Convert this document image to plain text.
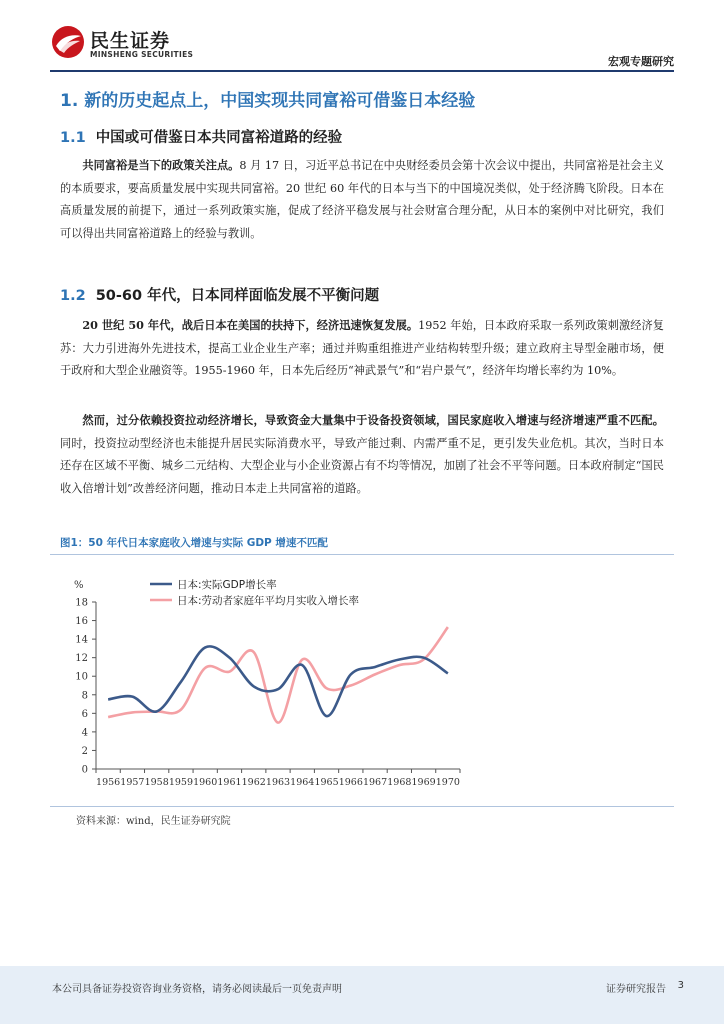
民生证券
MINSHENG SECURITIES
宏观专题研究
1. 新的历史起点上，中国实现共同富裕可借鉴日本经验
1.1 中国或可借鉴日本共同富裕道路的经验
共同富裕是当下的政策关注点。8 月 17 日，习近平总书记在中央财经委员会第十次会议中提出，共同富裕是社会主义的本质要求，要高质量发展中实现共同富裕。20 世纪 60 年代的日本与当下的中国境况类似，处于经济腾飞阶段。日本在高质量发展的前提下，通过一系列政策实施，促成了经济平稳发展与社会财富合理分配，从日本的案例中对比研究，我们可以得出共同富裕道路上的经验与教训。
1.2 50-60 年代，日本同样面临发展不平衡问题
20 世纪 50 年代，战后日本在美国的扶持下，经济迅速恢复发展。1952 年始，日本政府采取一系列政策刺激经济复苏：大力引进海外先进技术，提高工业企业生产率；通过并购重组推进产业结构转型升级；建立政府主导型金融市场，便于政府和大型企业融资等。1955-1960 年，日本先后经历“神武景气”和“岩户景气”，经济年均增长率约为 10%。
然而，过分依赖投资拉动经济增长，导致资金大量集中于设备投资领域，国民家庭收入增速与经济增速严重不匹配。同时，投资拉动型经济也未能提升居民实际消费水平，导致产能过剩、内需严重不足，更引发失业危机。其次，当时日本还存在区域不平衡、城乡二元结构、大型企业与小企业资源占有不均等情况，加剧了社会不平等问题。日本政府制定“国民收入倍增计划”改善经济问题，推动日本走上共同富裕的道路。
图1：50 年代日本家庭收入增速与实际 GDP 增速不匹配
%
0
2
4
6
8
10
12
14
16
18
1956 1957 1958 1959 1960 1961 1962 1963 1964 1965 1966 1967 1968 1969 1970
日本:实际GDP增长率
日本:劳动者家庭年平均月实收入增长率
资料来源：wind，民生证券研究院
本公司具备证券投资咨询业务资格，请务必阅读最后一页免责声明	证券研究报告 3
